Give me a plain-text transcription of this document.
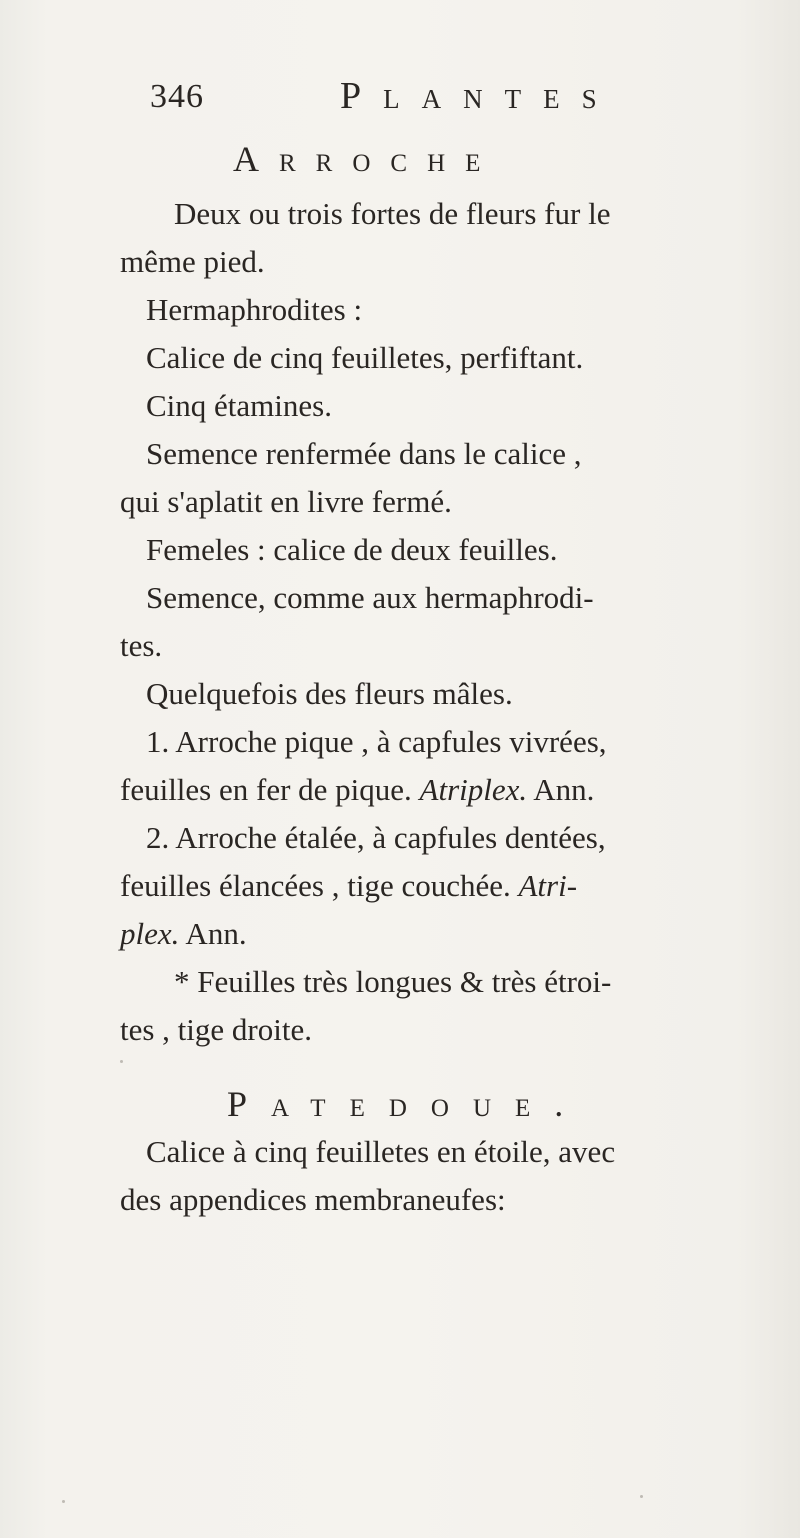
346	Plantes
Arroche
Deux ou trois fortes de fleurs fur le
même pied.
Hermaphrodites :
Calice de cinq feuilletes, perfiftant.
Cinq étamines.
Semence renfermée dans le calice ,
qui s'aplatit en livre fermé.
Femeles : calice de deux feuilles.
Semence, comme aux hermaphrodi-
tes.
Quelquefois des fleurs mâles.
1. Arroche pique , à capfules vivrées,
feuilles en fer de pique. Atriplex. Ann.
2. Arroche étalée, à capfules dentées,
feuilles élancées , tige couchée. Atri-
plex. Ann.
* Feuilles très longues & très étroi-
tes , tige droite.
Patedoue.
Calice à cinq feuilletes en étoile, avec
des appendices membraneufes:
